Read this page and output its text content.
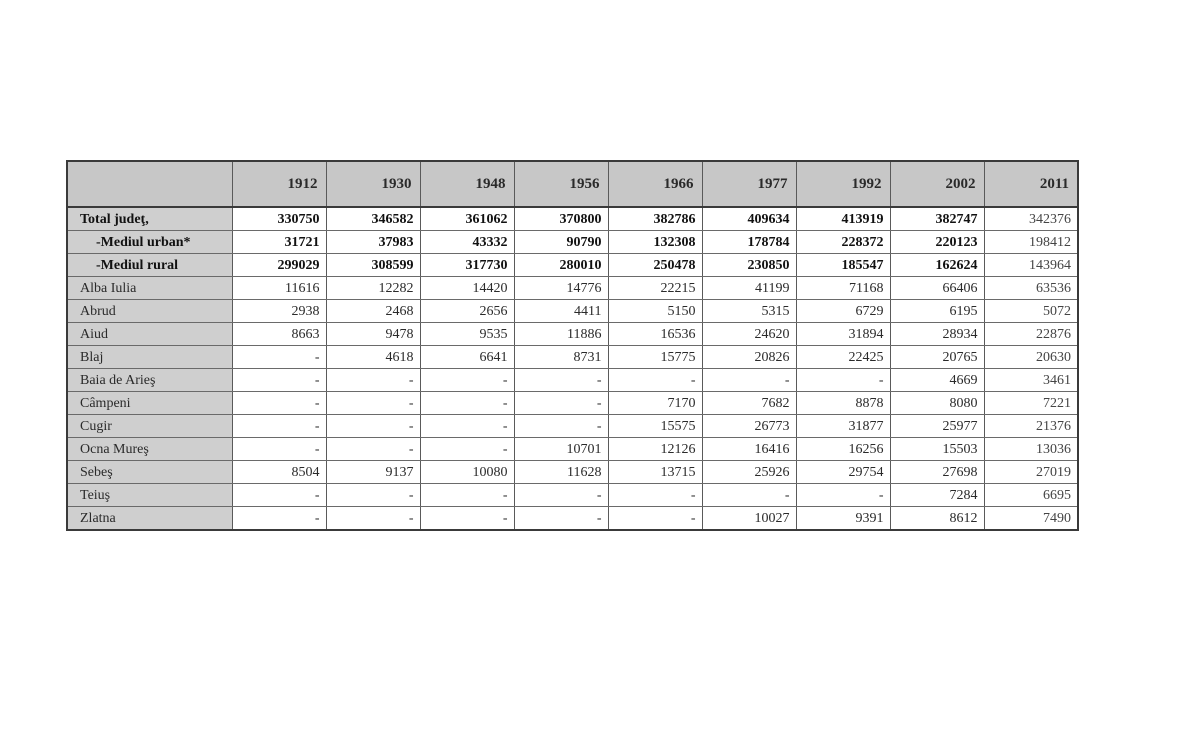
	1912	1930	1948	1956	1966	1977	1992	2002	2011
Total judeţ,	330750	346582	361062	370800	382786	409634	413919	382747	342376
-Mediul urban*	31721	37983	43332	90790	132308	178784	228372	220123	198412
-Mediul rural	299029	308599	317730	280010	250478	230850	185547	162624	143964
Alba Iulia	11616	12282	14420	14776	22215	41199	71168	66406	63536
Abrud	2938	2468	2656	4411	5150	5315	6729	6195	5072
Aiud	8663	9478	9535	11886	16536	24620	31894	28934	22876
Blaj	-	4618	6641	8731	15775	20826	22425	20765	20630
Baia de Arieş	-	-	-	-	-	-	-	4669	3461
Câmpeni	-	-	-	-	7170	7682	8878	8080	7221
Cugir	-	-	-	-	15575	26773	31877	25977	21376
Ocna Mureş	-	-	-	10701	12126	16416	16256	15503	13036
Sebeş	8504	9137	10080	11628	13715	25926	29754	27698	27019
Teiuş	-	-	-	-	-	-	-	7284	6695
Zlatna	-	-	-	-	-	10027	9391	8612	7490
